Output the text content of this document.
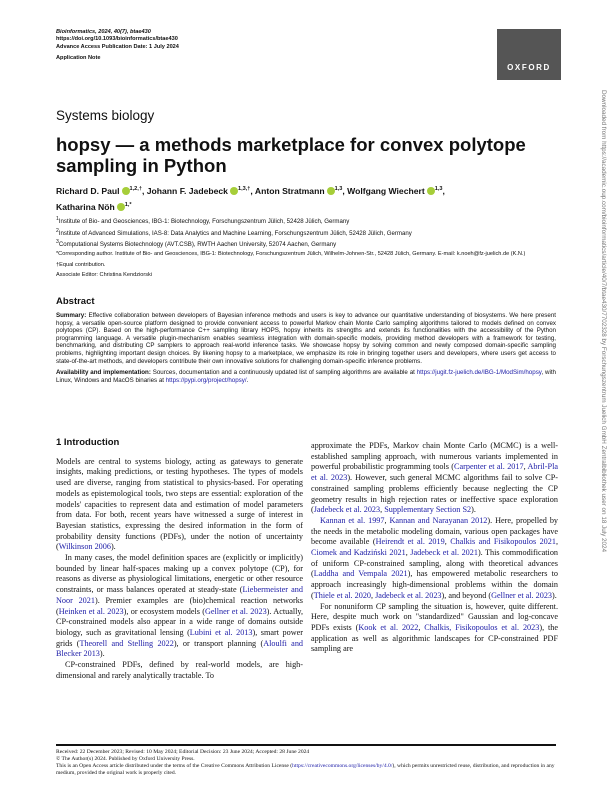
Bioinformatics, 2024, 40(7), btae430
https://doi.org/10.1093/bioinformatics/btae430
Advance Access Publication Date: 1 July 2024
Application Note
OXFORD
Systems biology
hopsy — a methods marketplace for convex polytope sampling in Python
Richard D. Paul $^{1,2,\dagger}$, Johann F. Jadebeck $^{1,3,\dagger}$, Anton Stratmann $^{1,3}$, Wolfgang Wiechert $^{1,3}$,
Katharina Nöh $^{1,*}$
$^1$Institute of Bio- and Geosciences, IBG-1: Biotechnology, Forschungszentrum Jülich, 52428 Jülich, Germany
$^2$Institute of Advanced Simulations, IAS-8: Data Analytics and Machine Learning, Forschungszentrum Jülich, 52428 Jülich, Germany
$^3$Computational Systems Biotechnology (AVT.CSB), RWTH Aachen University, 52074 Aachen, Germany

*Corresponding author. Institute of Bio- and Geosciences, IBG-1: Biotechnology, Forschungszentrum Jülich, Wilhelm-Johnen-Str., 52428 Jülich, Germany. E-mail: k.noeh@fz-juelich.de (K.N.)

†Equal contribution.

Associate Editor: Christina Kendziorski

Abstract

Summary: Effective collaboration between developers of Bayesian inference methods and users is key to advance our quantitative understanding of biosystems. We here present hopsy, a versatile open-source platform designed to provide convenient access to powerful Markov chain Monte Carlo sampling algorithms tailored to models defined on convex polytopes (CP). Based on the high-performance C++ sampling library HOPS, hopsy inherits its strengths and extends its functionalities with the accessibility of the Python programming language. A versatile plugin-mechanism enables seamless integration with domain-specific models, providing method developers with a framework for testing, benchmarking, and distributing CP samplers to approach real-world inference tasks. We showcase hopsy by solving common and newly composed domain-specific sampling problems, highlighting important design choices. By likening hopsy to a marketplace, we emphasize its role in bringing together users and developers, where users get access to state-of-the-art methods, and developers contribute their own innovative solutions for challenging domain-specific inference problems.

Availability and implementation: Sources, documentation and a continuously updated list of sampling algorithms are available at https://jugit.fz-juelich.de/IBG-1/ModSim/hopsy, with Linux, Windows and MacOS binaries at https://pypi.org/project/hopsy/.

1 Introduction

Models are central to systems biology, acting as gateways to generate insights, making predictions, or testing hypotheses. The types of models used are diverse, ranging from statistical to physics-based. For operating models as epistemological tools, two steps are essential: exploration of the models' capacities to represent data and estimation of model parameters from data. For both, recent years have witnessed a surge of interest in Bayesian statistics, expressing the desired information in the form of probability density functions (PDFs), under the notion of uncertainty (Wilkinson 2006).

In many cases, the model definition spaces are (explicitly or implicitly) bounded by linear half-spaces making up a convex polytope (CP), for reasons as diverse as physiological limitations, energetic or other resource constraints, or mass balances operated at steady-state (Liebermeister and Noor 2021). Premier examples are (bio)chemical reaction networks (Heinken et al. 2023), or ecosystem models (Gellner et al. 2023). Actually, CP-constrained models also appear in a wide range of domains outside biology, such as gravitational lensing (Lubini et al. 2013), smart power grids (Theorell and Stelling 2022), or transport planning (Aloulfi and Blecker 2013).

CP-constrained PDFs, defined by real-world models, are high-dimensional and rarely analytically tractable. To

approximate the PDFs, Markov chain Monte Carlo (MCMC) is a well-established sampling approach, with numerous variants implemented in powerful probabilistic programming tools (Carpenter et al. 2017, Abril-Pla et al. 2023). However, such general MCMC algorithms fail to solve CP-constrained sampling problems efficiently because neglecting the CP geometry results in high rejection rates or ineffective space exploration (Jadebeck et al. 2023, Supplementary Section S2).

Kannan et al. 1997, Kannan and Narayanan 2012). Here, propelled by the needs in the metabolic modeling domain, various open packages have become available (Heirendt et al. 2019, Chalkis and Fisikopoulos 2021, Ciomek and Kadziński 2021, Jadebeck et al. 2021). This commodification of uniform CP-constrained sampling, along with theoretical advances (Laddha and Vempala 2021), has empowered metabolic researchers to approach increasingly high-dimensional problems within the domain (Thiele et al. 2020, Jadebeck et al. 2023), and beyond (Gellner et al. 2023).

For nonuniform CP sampling the situation is, however, quite different. Here, despite much work on "standardized" Gaussian and log-concave PDFs exists (Kook et al. 2022, Chalkis, Fisikopoulos et al. 2023), the application as well as algorithmic landscapes for CP-constrained PDF sampling are

Received: 22 December 2023; Revised: 10 May 2024; Editorial Decision: 23 June 2024; Accepted: 28 June 2024

© The Author(s) 2024. Published by Oxford University Press.

This is an Open Access article distributed under the terms of the Creative Commons Attribution License (https://creativecommons.org/licenses/by/4.0/), which permits unrestricted reuse, distribution, and reproduction in any medium, provided the original work is properly cited.

Downloaded from https://academic.oup.com/bioinformatics/article/40/7/btae430/7702328 by Forschungszentrum Juelich GmbH Zentralbibliothek user on 18 July 2024
